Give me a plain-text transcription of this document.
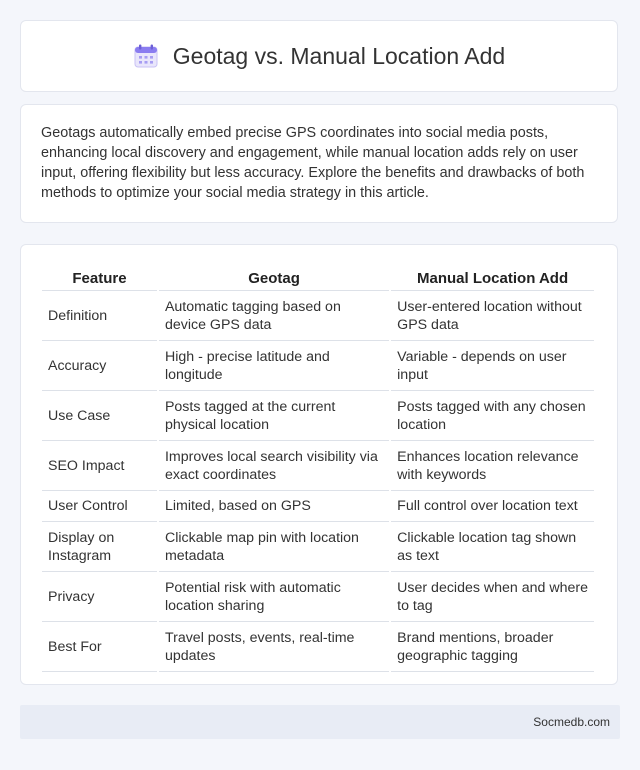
Geotag vs. Manual Location Add
Geotags automatically embed precise GPS coordinates into social media posts, enhancing local discovery and engagement, while manual location adds rely on user input, offering flexibility but less accuracy. Explore the benefits and drawbacks of both methods to optimize your social media strategy in this article.
Feature	Geotag	Manual Location Add
Definition	Automatic tagging based on device GPS data	User-entered location without GPS data
Accuracy	High - precise latitude and longitude	Variable - depends on user input
Use Case	Posts tagged at the current physical location	Posts tagged with any chosen location
SEO Impact	Improves local search visibility via exact coordinates	Enhances location relevance with keywords
User Control	Limited, based on GPS	Full control over location text
Display on Instagram	Clickable map pin with location metadata	Clickable location tag shown as text
Privacy	Potential risk with automatic location sharing	User decides when and where to tag
Best For	Travel posts, events, real-time updates	Brand mentions, broader geographic tagging
Socmedb.com
